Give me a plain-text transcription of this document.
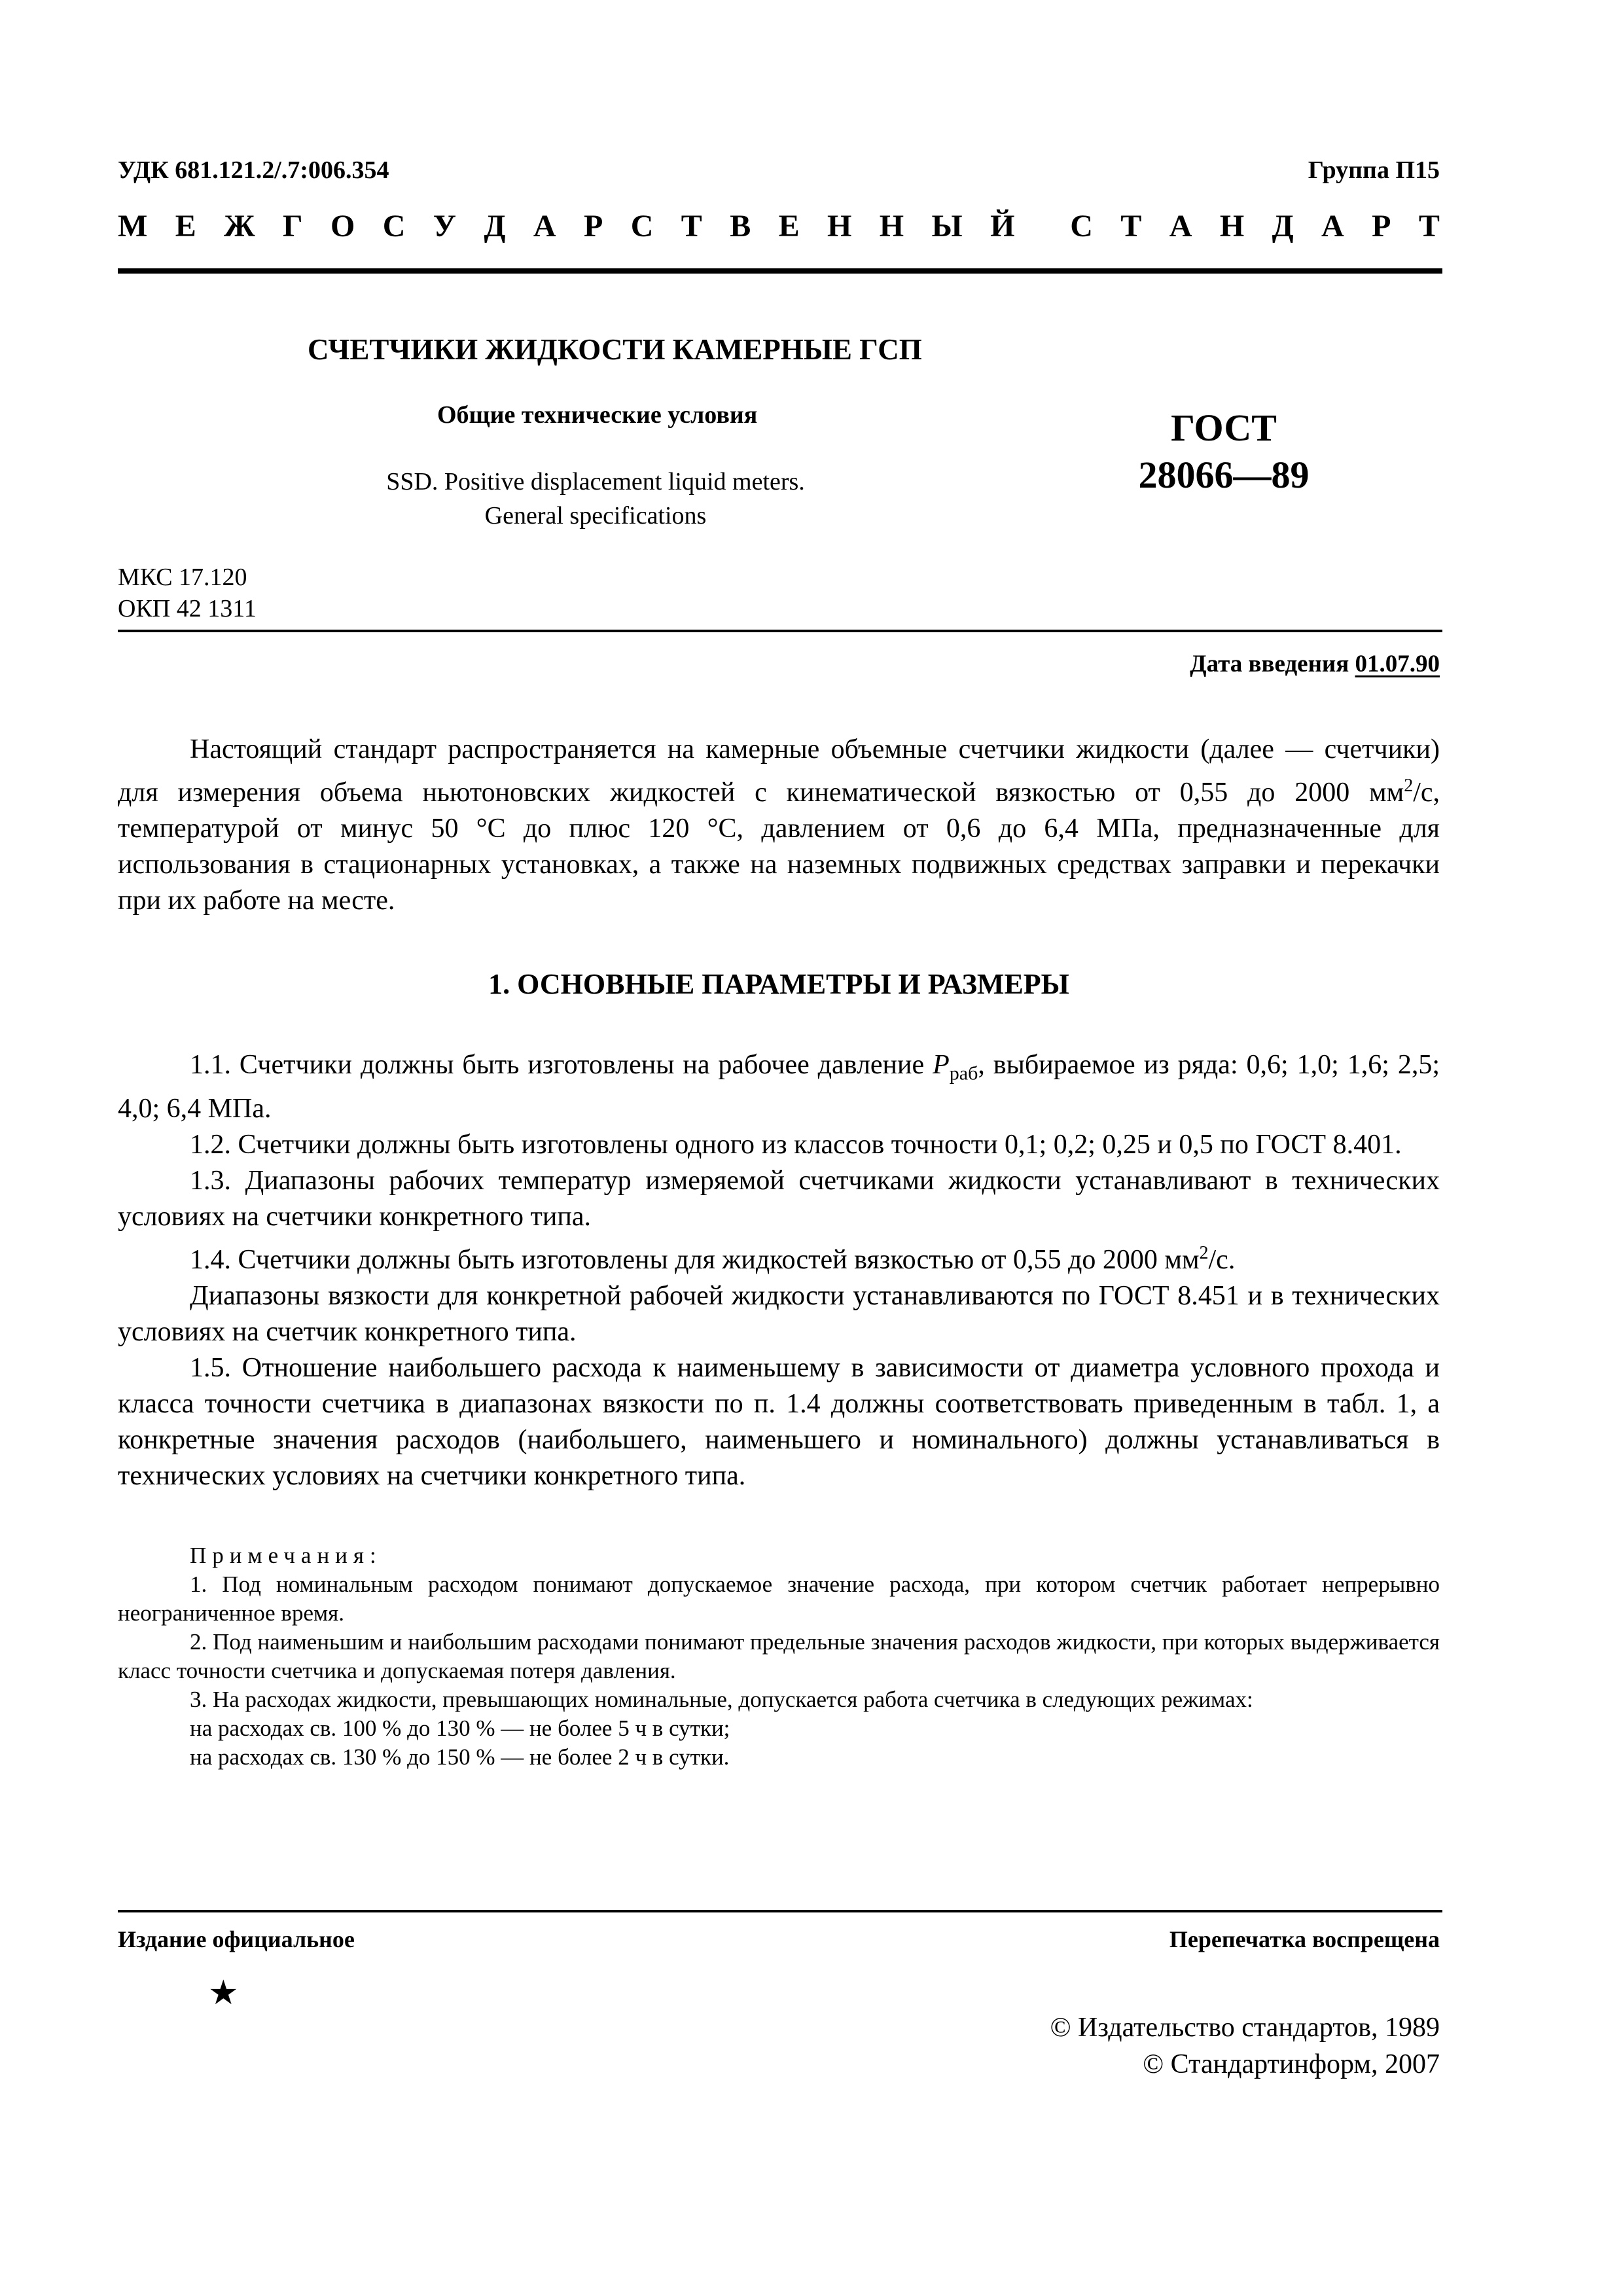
УДК 681.121.2/.7:006.354	Группа П15
М Е Ж Г О С У Д А Р С Т В Е Н Н Ы Й С Т А Н Д А Р Т
СЧЕТЧИКИ ЖИДКОСТИ КАМЕРНЫЕ ГСП
Общие технические условия
SSD. Positive displacement liquid meters.
General specifications
ГОСТ
28066—89
МКС 17.120
ОКП 42 1311
Дата введения 01.07.90

Настоящий стандарт распространяется на камерные объемные счетчики жидкости (далее — счетчики) для измерения объема ньютоновских жидкостей с кинематической вязкостью от 0,55 до 2000 $мм^2/с$, температурой от минус 50 °С до плюс 120 °С, давлением от 0,6 до 6,4 МПа, предназначенные для использования в стационарных установках, а также на наземных подвижных средствах заправки и перекачки при их работе на месте.

1. ОСНОВНЫЕ ПАРАМЕТРЫ И РАЗМЕРЫ

1.1. Счетчики должны быть изготовлены на рабочее давление $Р_{раб}$, выбираемое из ряда: 0,6; 1,0; 1,6; 2,5; 4,0; 6,4 МПа.

1.2. Счетчики должны быть изготовлены одного из классов точности 0,1; 0,2; 0,25 и 0,5 по ГОСТ 8.401.

1.3. Диапазоны рабочих температур измеряемой счетчиками жидкости устанавливают в технических условиях на счетчики конкретного типа.

1.4. Счетчики должны быть изготовлены для жидкостей вязкостью от 0,55 до 2000 $мм^2/с$.

Диапазоны вязкости для конкретной рабочей жидкости устанавливаются по ГОСТ 8.451 и в технических условиях на счетчик конкретного типа.

1.5. Отношение наибольшего расхода к наименьшему в зависимости от диаметра условного прохода и класса точности счетчика в диапазонах вязкости по п. 1.4 должны соответствовать приведенным в табл. 1, а конкретные значения расходов (наибольшего, наименьшего и номинального) должны устанавливаться в технических условиях на счетчики конкретного типа.

Примечания:

1. Под номинальным расходом понимают допускаемое значение расхода, при котором счетчик работает непрерывно неограниченное время.

2. Под наименьшим и наибольшим расходами понимают предельные значения расходов жидкости, при которых выдерживается класс точности счетчика и допускаемая потеря давления.

3. На расходах жидкости, превышающих номинальные, допускается работа счетчика в следующих режимах:

на расходах св. 100 % до 130 % — не более 5 ч в сутки;

на расходах св. 130 % до 150 % — не более 2 ч в сутки.

Издание официальное	Перепечатка воспрещена
★
© Издательство стандартов, 1989
© Стандартинформ, 2007
